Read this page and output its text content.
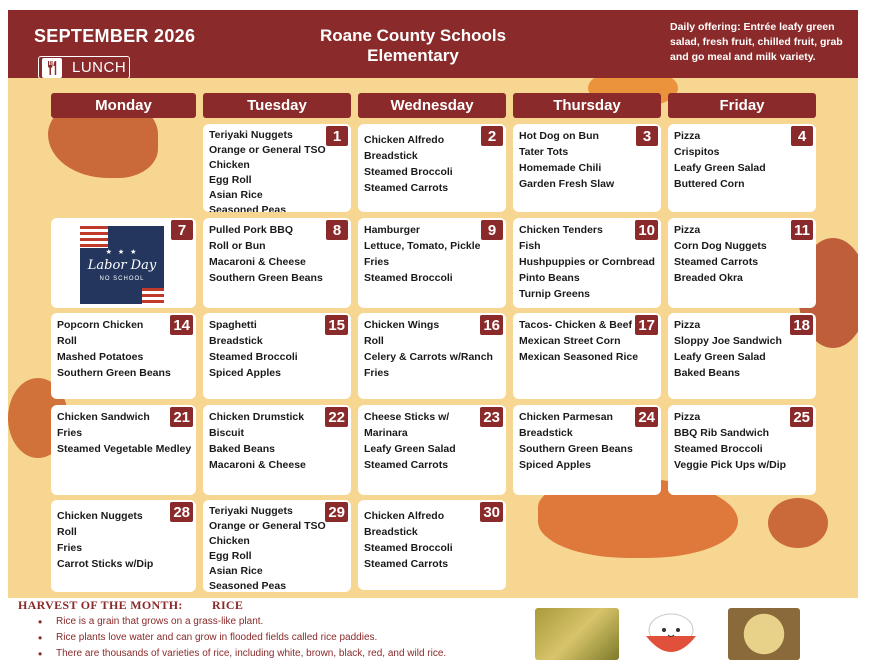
SEPTEMBER 2026
LUNCH
Roane County Schools
Elementary
Daily offering: Entrée leafy green salad, fresh fruit, chilled fruit, grab and go meal and milk variety.
Monday	Tuesday	Wednesday	Thursday	Friday
1
Teriyaki Nuggets
Orange or General TSO
Chicken
Egg Roll
Asian Rice
Seasoned Peas
2
Chicken Alfredo
Breadstick
Steamed Broccoli
Steamed Carrots
3
Hot Dog on Bun
Tater Tots
Homemade Chili
Garden Fresh Slaw
4
Pizza
Crispitos
Leafy Green Salad
Buttered Corn
7
★ ★ ★
Labor Day
NO SCHOOL
8
Pulled Pork BBQ
Roll or Bun
Macaroni & Cheese
Southern Green Beans
9
Hamburger
Lettuce, Tomato, Pickle
Fries
Steamed Broccoli
10
Chicken Tenders
Fish
Hushpuppies or Cornbread
Pinto Beans
Turnip Greens
11
Pizza
Corn Dog Nuggets
Steamed Carrots
Breaded Okra
14
Popcorn Chicken
Roll
Mashed Potatoes
Southern Green Beans
15
Spaghetti
Breadstick
Steamed Broccoli
Spiced Apples
16
Chicken Wings
Roll
Celery & Carrots w/Ranch
Fries
17
Tacos- Chicken & Beef
Mexican Street Corn
Mexican Seasoned Rice
18
Pizza
Sloppy Joe Sandwich
Leafy Green Salad
Baked Beans
21
Chicken Sandwich
Fries
Steamed Vegetable Medley
22
Chicken Drumstick
Biscuit
Baked Beans
Macaroni & Cheese
23
Cheese Sticks w/
Marinara
Leafy Green Salad
Steamed Carrots
24
Chicken Parmesan
Breadstick
Southern Green Beans
Spiced Apples
25
Pizza
BBQ Rib Sandwich
Steamed Broccoli
Veggie Pick Ups w/Dip
28
Chicken Nuggets
Roll
Fries
Carrot Sticks w/Dip
29
Teriyaki Nuggets
Orange or General TSO
Chicken
Egg Roll
Asian Rice
Seasoned Peas
30
Chicken Alfredo
Breadstick
Steamed Broccoli
Steamed Carrots
HARVEST OF THE MONTH: RICE
• Rice is a grain that grows on a grass-like plant.
• Rice plants love water and can grow in flooded fields called rice paddies.
• There are thousands of varieties of rice, including white, brown, black, red, and wild rice.
